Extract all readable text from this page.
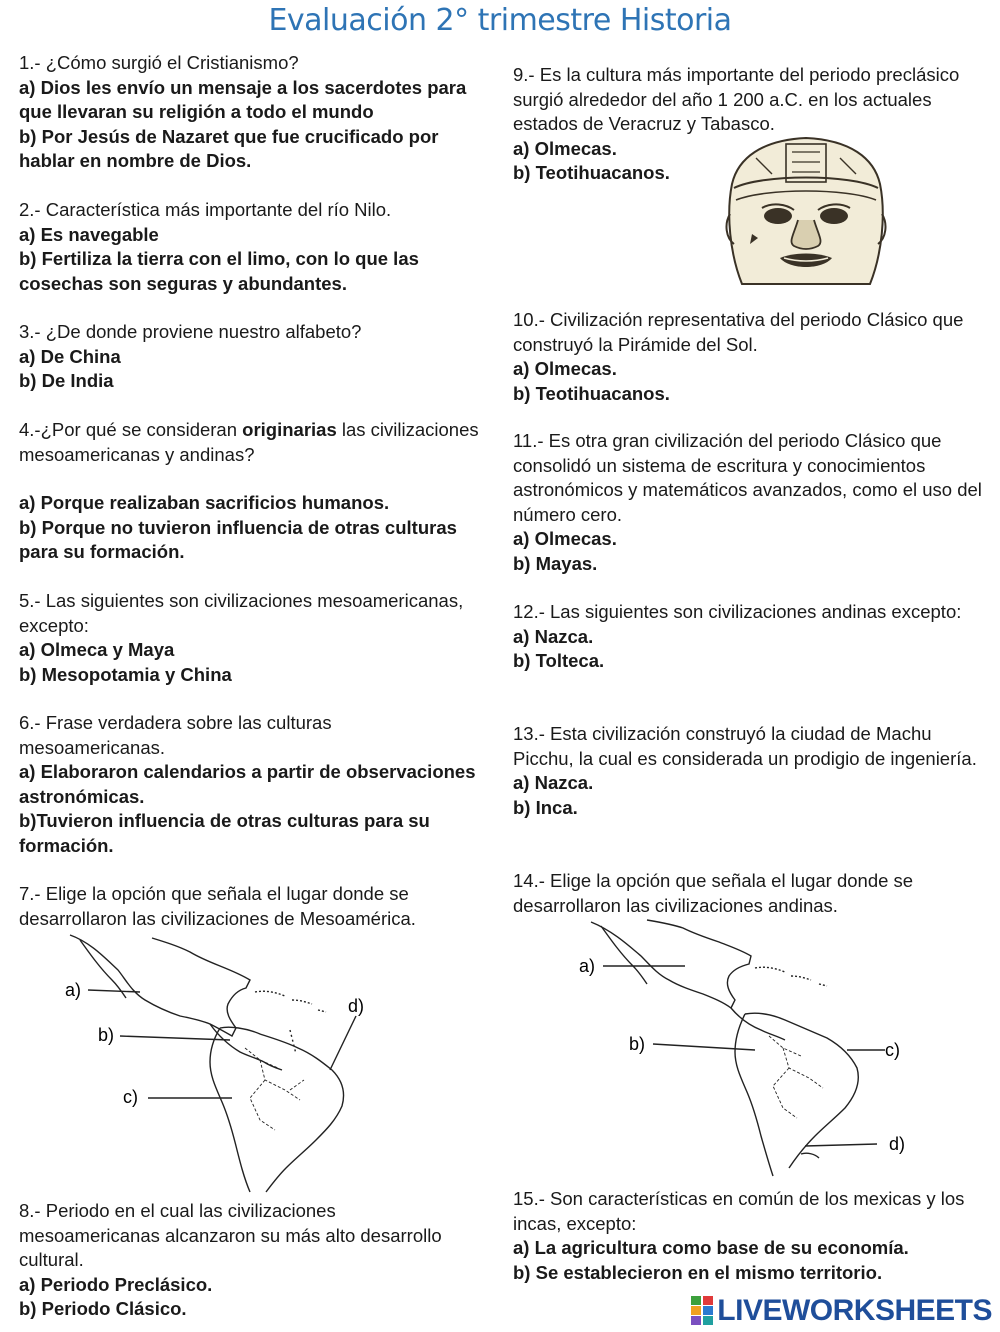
Evaluación 2° trimestre Historia

1.- ¿Cómo surgió el Cristianismo?

a) Dios les envío un mensaje a los sacerdotes para que llevaran su religión a todo el mundo

b) Por Jesús de Nazaret que fue crucificado por hablar en nombre de Dios.

2.- Característica más importante del río Nilo.

a) Es navegable

b) Fertiliza la tierra con el limo, con lo que las cosechas son seguras y abundantes.

3.- ¿De donde proviene nuestro alfabeto?

a) De China

b) De India

4.-¿Por qué se consideran originarias las civilizaciones mesoamericanas y andinas?

a) Porque realizaban sacrificios humanos.

b) Porque no tuvieron influencia de otras culturas para su formación.

5.- Las siguientes son civilizaciones mesoamericanas, excepto:

a) Olmeca y Maya

b) Mesopotamia y China

6.- Frase verdadera sobre las culturas mesoamericanas.

a) Elaboraron calendarios a partir de observaciones astronómicas.

b)Tuvieron influencia de otras culturas para su formación.

7.- Elige la opción que señala el lugar donde se desarrollaron las civilizaciones de Mesoamérica.

a)
b)
c)
d)

8.- Periodo en el cual las civilizaciones mesoamericanas alcanzaron su más alto desarrollo cultural.

a) Periodo Preclásico.

b) Periodo Clásico.

9.- Es la cultura más importante del periodo preclásico surgió alrededor del año 1 200 a.C. en los actuales estados de Veracruz y Tabasco.

a) Olmecas.

b) Teotihuacanos.

10.- Civilización representativa del periodo Clásico que construyó la Pirámide del Sol.

a) Olmecas.

b) Teotihuacanos.

11.- Es otra gran civilización del periodo Clásico que consolidó un sistema de escritura y conocimientos astronómicos y matemáticos avanzados, como el uso del número cero.

a) Olmecas.

b) Mayas.

12.- Las siguientes son civilizaciones andinas excepto:

a) Nazca.

b) Tolteca.

13.- Esta civilización construyó la ciudad de Machu Picchu, la cual es considerada un prodigio de ingeniería.

a) Nazca.

b) Inca.

14.- Elige la opción que señala el lugar donde se desarrollaron las civilizaciones andinas.

a)
b)	c)
d)

15.- Son características en común de los mexicas y los incas, excepto:

a) La agricultura como base de su economía.

b) Se establecieron en el mismo territorio.

LIVEWORKSHEETS
